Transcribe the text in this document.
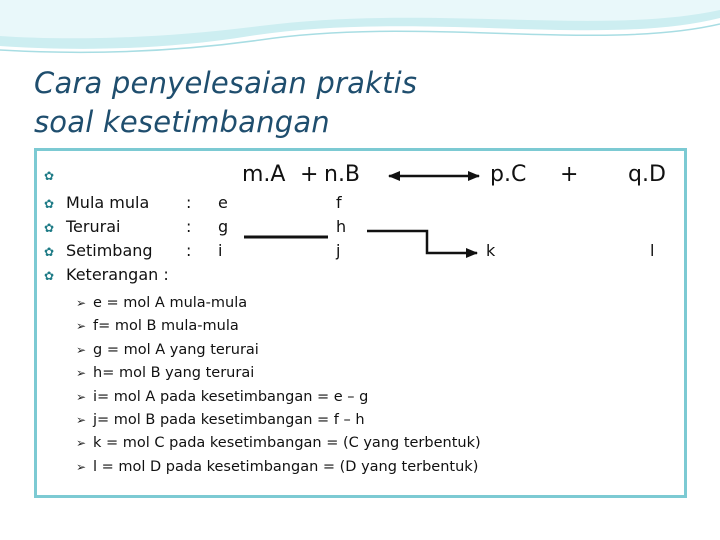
Cara penyelesaian praktis
soal kesetimbangan
✿
✿
✿
✿
✿
m.A + n.B	p.C + q.D
Mula mula : e	f
Terurai	: g	h
Setimbang : i	j	k	l
Keterangan :
➢ e = mol A mula-mula
➢ f= mol B mula-mula
➢ g = mol A yang terurai
➢ h= mol B yang terurai
➢ i= mol A pada kesetimbangan = e – g
➢ j= mol B pada kesetimbangan = f – h
➢ k = mol C pada kesetimbangan = (C yang terbentuk)
➢ l = mol D pada kesetimbangan = (D yang terbentuk)
